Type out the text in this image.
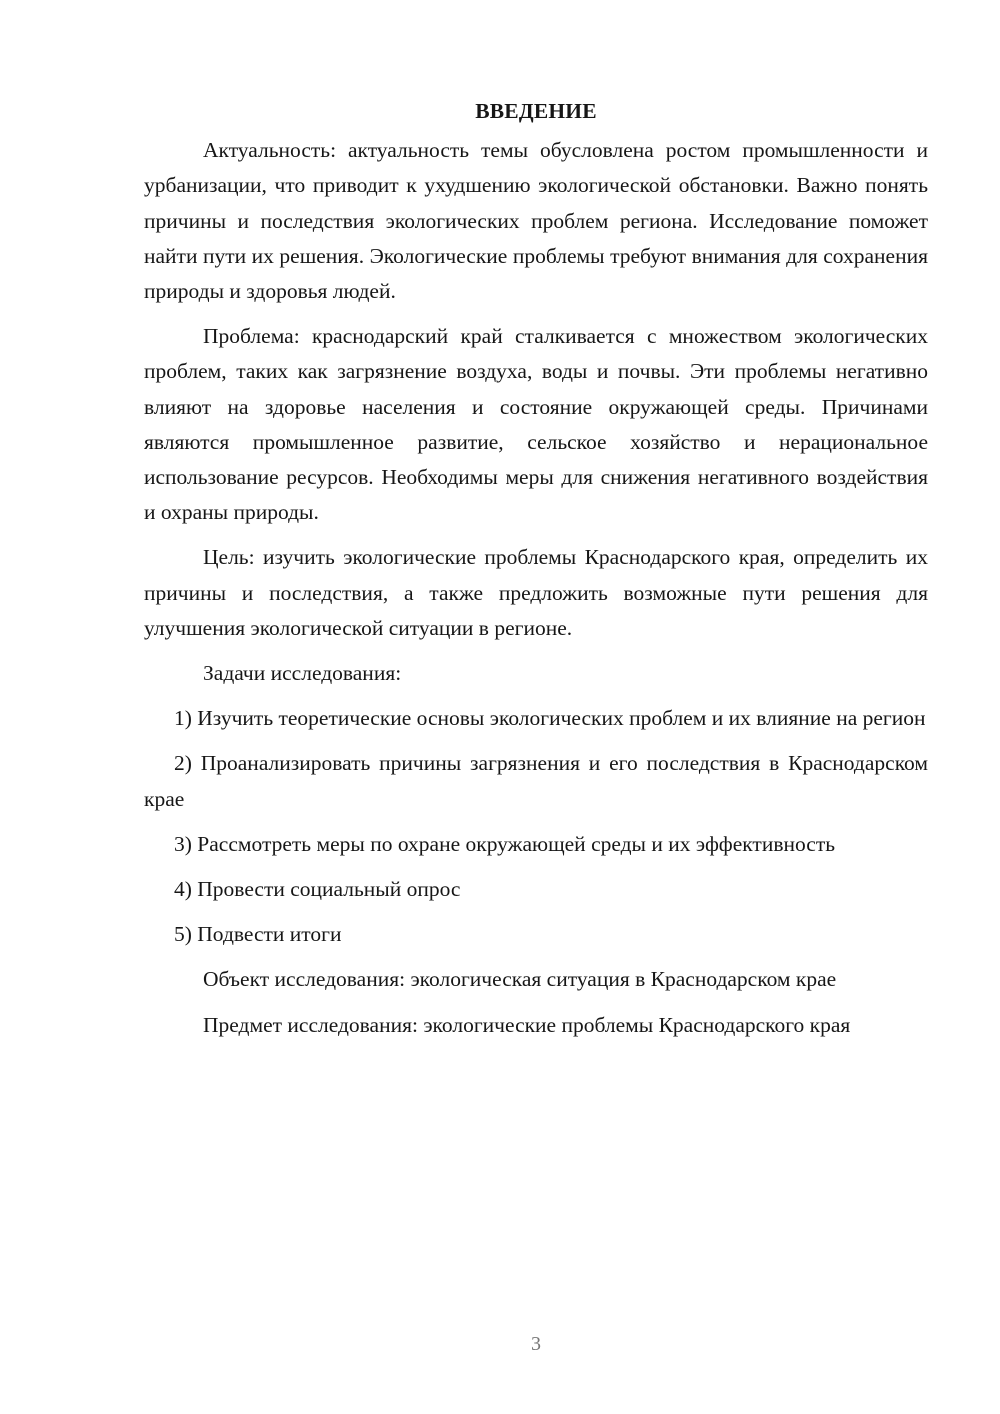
ВВЕДЕНИЕ

Актуальность: актуальность темы обусловлена ростом промышленности и урбанизации, что приводит к ухудшению экологической обстановки. Важно понять причины и последствия экологических проблем региона. Исследование поможет найти пути их решения. Экологические проблемы требуют внимания для сохранения природы и здоровья людей.

Проблема: краснодарский край сталкивается с множеством экологических проблем, таких как загрязнение воздуха, воды и почвы. Эти проблемы негативно влияют на здоровье населения и состояние окружающей среды. Причинами являются промышленное развитие, сельское хозяйство и нерациональное использование ресурсов. Необходимы меры для снижения негативного воздействия и охраны природы.

Цель: изучить экологические проблемы Краснодарского края, определить их причины и последствия, а также предложить возможные пути решения для улучшения экологической ситуации в регионе.

Задачи исследования:

1) Изучить теоретические основы экологических проблем и их влияние на регион

2) Проанализировать причины загрязнения и его последствия в Краснодарском крае

3) Рассмотреть меры по охране окружающей среды и их эффективность

4) Провести социальный опрос

5) Подвести итоги

Объект исследования: экологическая ситуация в Краснодарском крае

Предмет исследования: экологические проблемы Краснодарского края

3
